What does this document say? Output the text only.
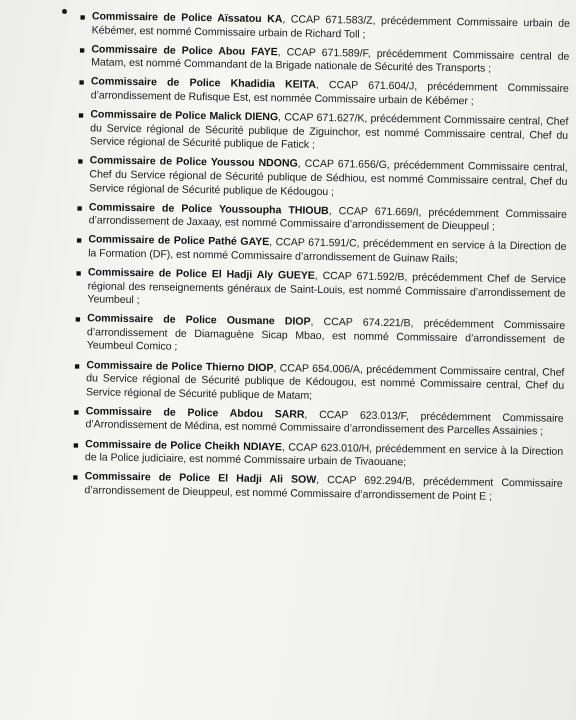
■ Commissaire de Police Aïssatou KA, CCAP 671.583/Z, précédemment Commissaire urbain de Kébémer, est nommé Commissaire urbain de Richard Toll ;

■ Commissaire de Police Abou FAYE, CCAP 671.589/F, précédemment Commissaire central de Matam, est nommé Commandant de la Brigade nationale de Sécurité des Transports ;

■ Commissaire de Police Khadidia KEITA, CCAP 671.604/J, précédemment Commissaire d’arrondissement de Rufisque Est, est nommée Commissaire urbain de Kébémer ;

■ Commissaire de Police Malick DIENG, CCAP 671.627/K, précédemment Commissaire central, Chef du Service régional de Sécurité publique de Ziguinchor, est nommé Commissaire central, Chef du Service régional de Sécurité publique de Fatick ;

■ Commissaire de Police Youssou NDONG, CCAP 671.656/G, précédemment Commissaire central, Chef du Service régional de Sécurité publique de Sédhiou, est nommé Commissaire central, Chef du Service régional de Sécurité publique de Kédougou ;

■ Commissaire de Police Youssoupha THIOUB, CCAP 671.669/I, précédemment Commissaire d’arrondissement de Jaxaay, est nommé Commissaire d’arrondissement de Dieuppeul ;

■ Commissaire de Police Pathé GAYE, CCAP 671.591/C, précédemment en service à la Direction de la Formation (DF), est nommé Commissaire d’arrondissement de Guinaw Rails;

■ Commissaire de Police El Hadji Aly GUEYE, CCAP 671.592/B, précédemment Chef de Service régional des renseignements généraux de Saint-Louis, est nommé Commissaire d’arrondissement de Yeumbeul ;

■ Commissaire de Police Ousmane DIOP, CCAP 674.221/B, précédemment Commissaire d’arrondissement de Diamaguène Sicap Mbao, est nommé Commissaire d’arrondissement de Yeumbeul Comico ;

■ Commissaire de Police Thierno DIOP, CCAP 654.006/A, précédemment Commissaire central, Chef du Service régional de Sécurité publique de Kédougou, est nommé Commissaire central, Chef du Service régional de Sécurité publique de Matam;

■ Commissaire de Police Abdou SARR, CCAP 623.013/F, précédemment Commissaire d’Arrondissement de Médina, est nommé Commissaire d’arrondissement des Parcelles Assainies ;

■ Commissaire de Police Cheikh NDIAYE, CCAP 623.010/H, précédemment en service à la Direction de la Police judiciaire, est nommé Commissaire urbain de Tivaouane;

■ Commissaire de Police El Hadji Ali SOW, CCAP 692.294/B, précédemment Commissaire d’arrondissement de Dieuppeul, est nommé Commissaire d’arrondissement de Point E ;
